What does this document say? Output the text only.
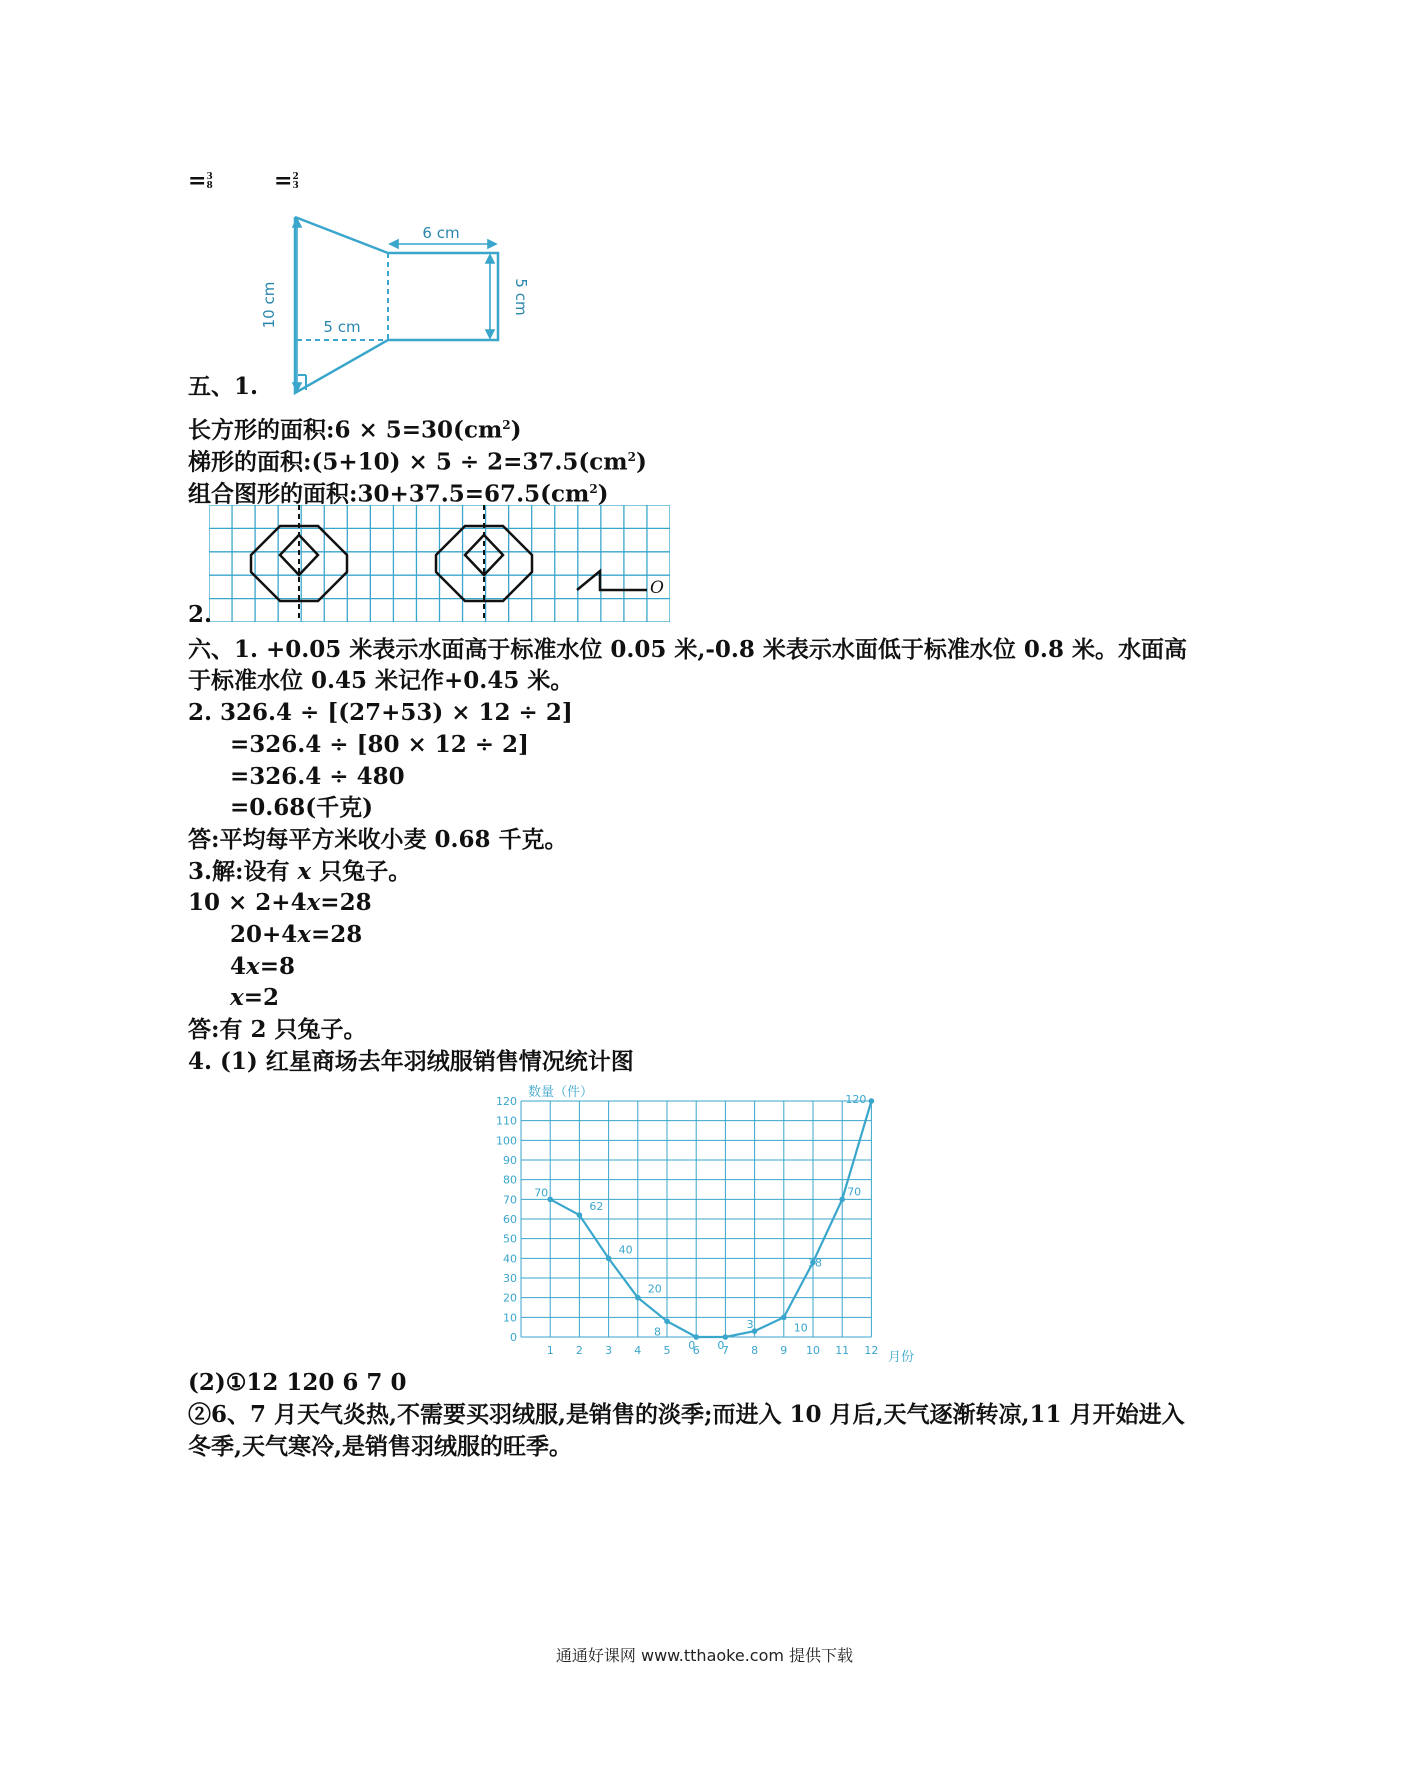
=3
8	=2
3
6 cm
10 cm	5 cm
5 cm
五、1.
长方形的面积:6 × $5=30(cm^2)$
梯形的面积:(5+10) × $5 \div 2=37.5(cm^2)$
组合图形的面积$:30+37.5=67.5(cm^2)$
O
2.
六、1. +0.05 米表示水面高于标准水位 0.05 米,-0.8 米表示水面低于标准水位 0.8 米。水面高
于标准水位 0.45 米记作+0.45 米。
2. 326.4 ÷ [(27+53) × 12 ÷ 2]
=326.4 ÷ [80 × 12 ÷ 2]
=326.4 ÷ 480
=0.68(千克)
答:平均每平方米收小麦 0.68 千克。
3.解:设有 x 只兔子。
10 × 2+4x=28
20+4x=28
4x=8
x=2
答:有 2 只兔子。
4. (1) 红星商场去年羽绒服销售情况统计图
数量（件）
月份
0
10
20
30
40
50
60
70
80
90
100
110
120
1 2 3 4 5 6 7 8 9 10 11 12
70
62
40
20
8
0 0
3	10
38
70
120
(2)①12 120 6 7 0
②6、7 月天气炎热,不需要买羽绒服,是销售的淡季;而进入 10 月后,天气逐渐转凉,11 月开始进入
冬季,天气寒冷,是销售羽绒服的旺季。
通通好课网 www.tthaoke.com 提供下载
